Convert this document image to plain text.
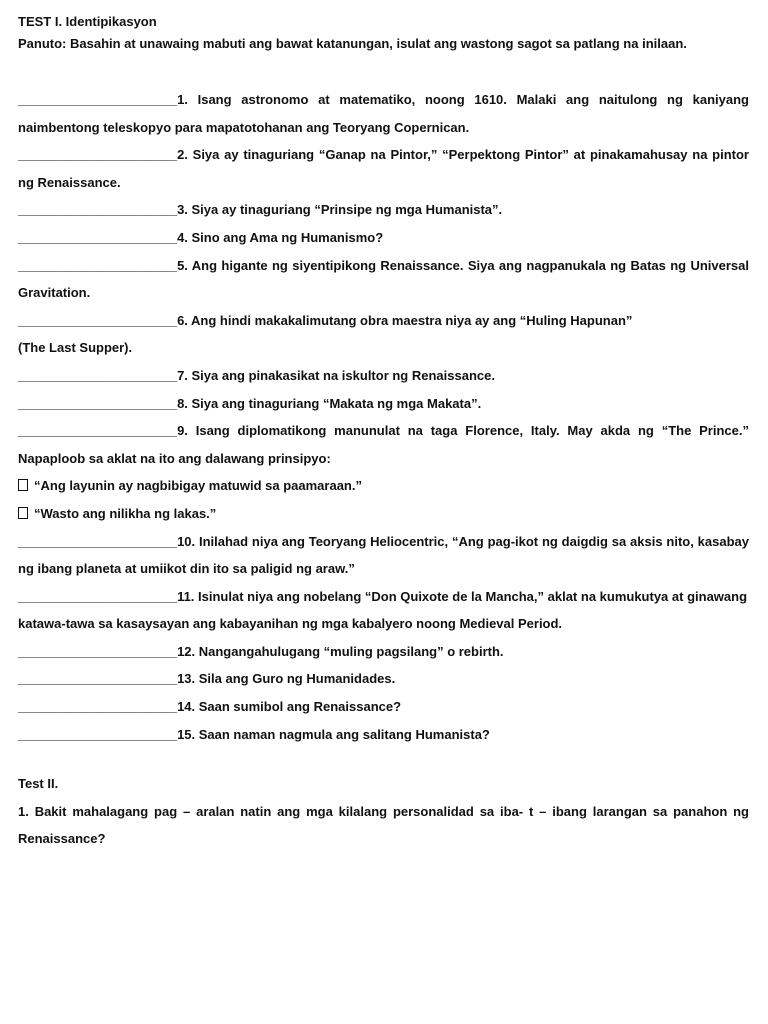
TEST I. Identipikasyon

Panuto: Basahin at unawaing mabuti ang bawat katanungan, isulat ang wastong sagot sa patlang na inilaan.

______________________1. Isang astronomo at matematiko, noong 1610. Malaki ang naitulong ng kaniyang naimbentong teleskopyo para mapatotohanan ang Teoryang Copernican.

______________________2. Siya ay tinaguriang “Ganap na Pintor,” “Perpektong Pintor” at pinakamahusay na pintor ng Renaissance.

______________________3. Siya ay tinaguriang “Prinsipe ng mga Humanista”.

______________________4. Sino ang Ama ng Humanismo?

______________________5. Ang higante ng siyentipikong Renaissance. Siya ang nagpanukala ng Batas ng Universal Gravitation.

______________________6. Ang hindi makakalimutang obra maestra niya ay ang “Huling Hapunan”

(The Last Supper).

______________________7. Siya ang pinakasikat na iskultor ng Renaissance.

______________________8. Siya ang tinaguriang “Makata ng mga Makata”.

______________________9. Isang diplomatikong manunulat na taga Florence, Italy. May akda ng “The Prince.” Napaploob sa aklat na ito ang dalawang prinsipyo:

“Ang layunin ay nagbibigay matuwid sa paamaraan.”

“Wasto ang nilikha ng lakas.”

______________________10. Inilahad niya ang Teoryang Heliocentric, “Ang pag-ikot ng daigdig sa aksis nito, kasabay ng ibang planeta at umiikot din ito sa paligid ng araw.”

______________________11. Isinulat niya ang nobelang “Don Quixote de la Mancha,” aklat na kumukutya at ginawang katawa-tawa sa kasaysayan ang kabayanihan ng mga kabalyero noong Medieval Period.

______________________12. Nangangahulugang “muling pagsilang” o rebirth.

______________________13. Sila ang Guro ng Humanidades.

______________________14. Saan sumibol ang Renaissance?

______________________15. Saan naman nagmula ang salitang Humanista?

Test II.

1. Bakit mahalagang pag – aralan natin ang mga kilalang personalidad sa iba- t – ibang larangan sa panahon ng Renaissance?
